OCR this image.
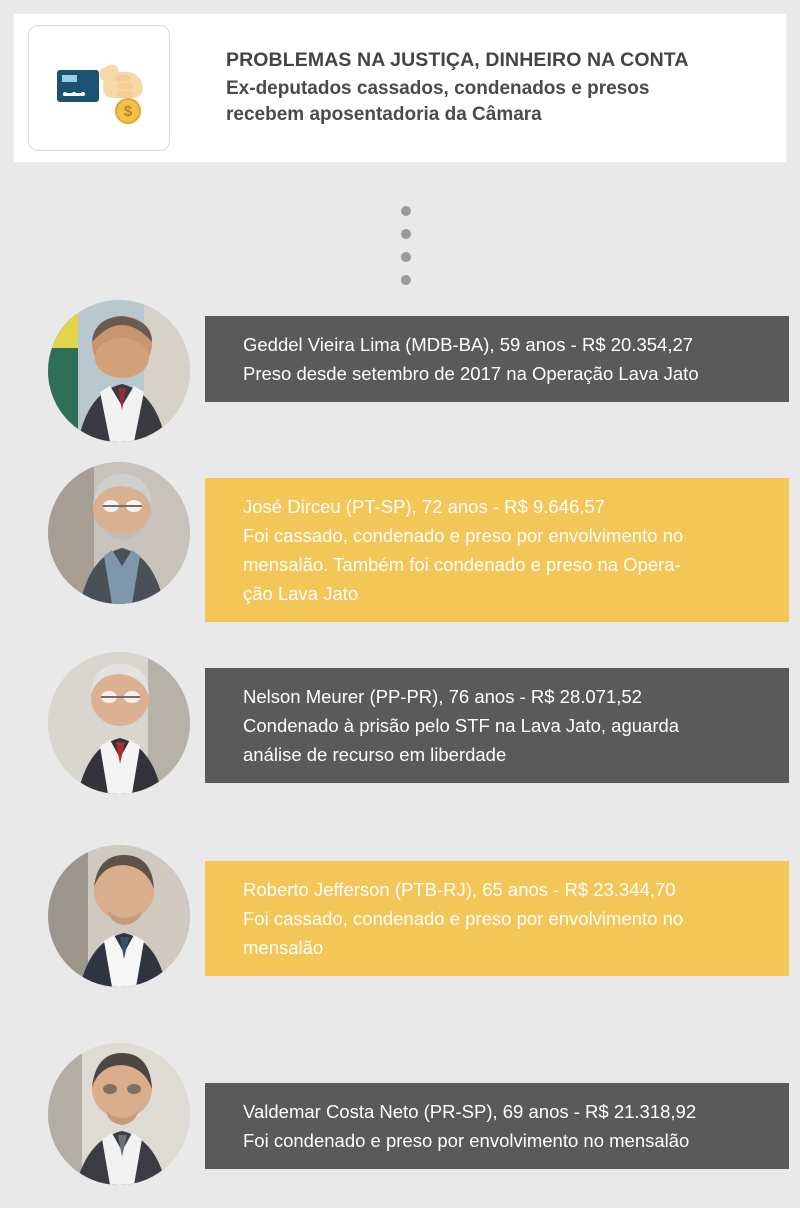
$
PROBLEMAS NA JUSTIÇA, DINHEIRO NA CONTA
Ex-deputados cassados, condenados e presos
recebem aposentadoria da Câmara
Geddel Vieira Lima (MDB-BA), 59 anos - R$ 20.354,27
Preso desde setembro de 2017 na Operação Lava Jato
José Dirceu (PT-SP), 72 anos - R$ 9.646,57
Foi cassado, condenado e preso por envolvimento no
mensalão. Também foi condenado e preso na Opera-
ção Lava Jato
Nelson Meurer (PP-PR), 76 anos - R$ 28.071,52
Condenado à prisão pelo STF na Lava Jato, aguarda
análise de recurso em liberdade
Roberto Jefferson (PTB-RJ), 65 anos - R$ 23.344,70
Foi cassado, condenado e preso por envolvimento no
mensalão
Valdemar Costa Neto (PR-SP), 69 anos - R$ 21.318,92
Foi condenado e preso por envolvimento no mensalão
